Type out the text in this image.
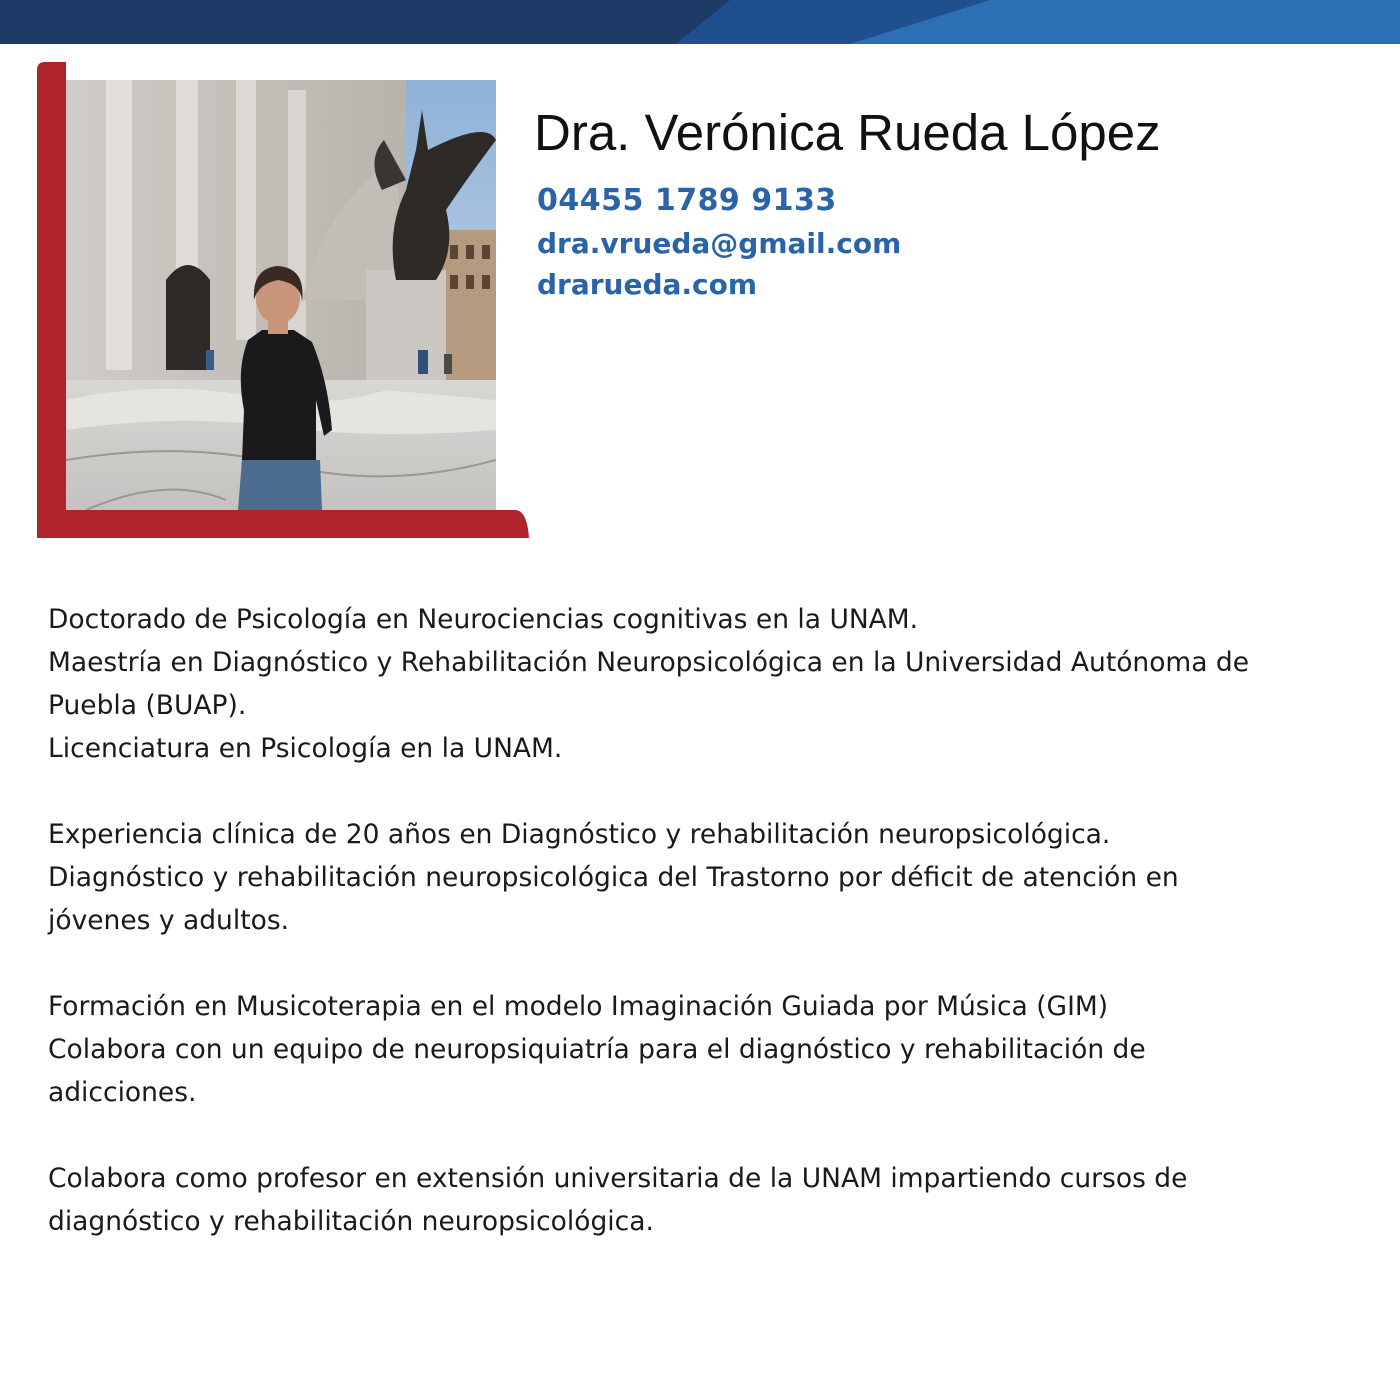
Dra. Verónica Rueda López
04455 1789 9133
dra.vrueda@gmail.com
drarueda.com

Doctorado de Psicología en Neurociencias cognitivas en la UNAM.
Maestría en Diagnóstico y Rehabilitación Neuropsicológica en la Universidad Autónoma de Puebla (BUAP).
Licenciatura en Psicología en la UNAM.

Experiencia clínica de 20 años en Diagnóstico y rehabilitación neuropsicológica.
Diagnóstico y rehabilitación neuropsicológica del Trastorno por déficit de atención en jóvenes y adultos.

Formación en Musicoterapia en el modelo Imaginación Guiada por Música (GIM)
Colabora con un equipo de neuropsiquiatría para el diagnóstico y rehabilitación de adicciones.

Colabora como profesor en extensión universitaria de la UNAM impartiendo cursos de diagnóstico y rehabilitación neuropsicológica.
